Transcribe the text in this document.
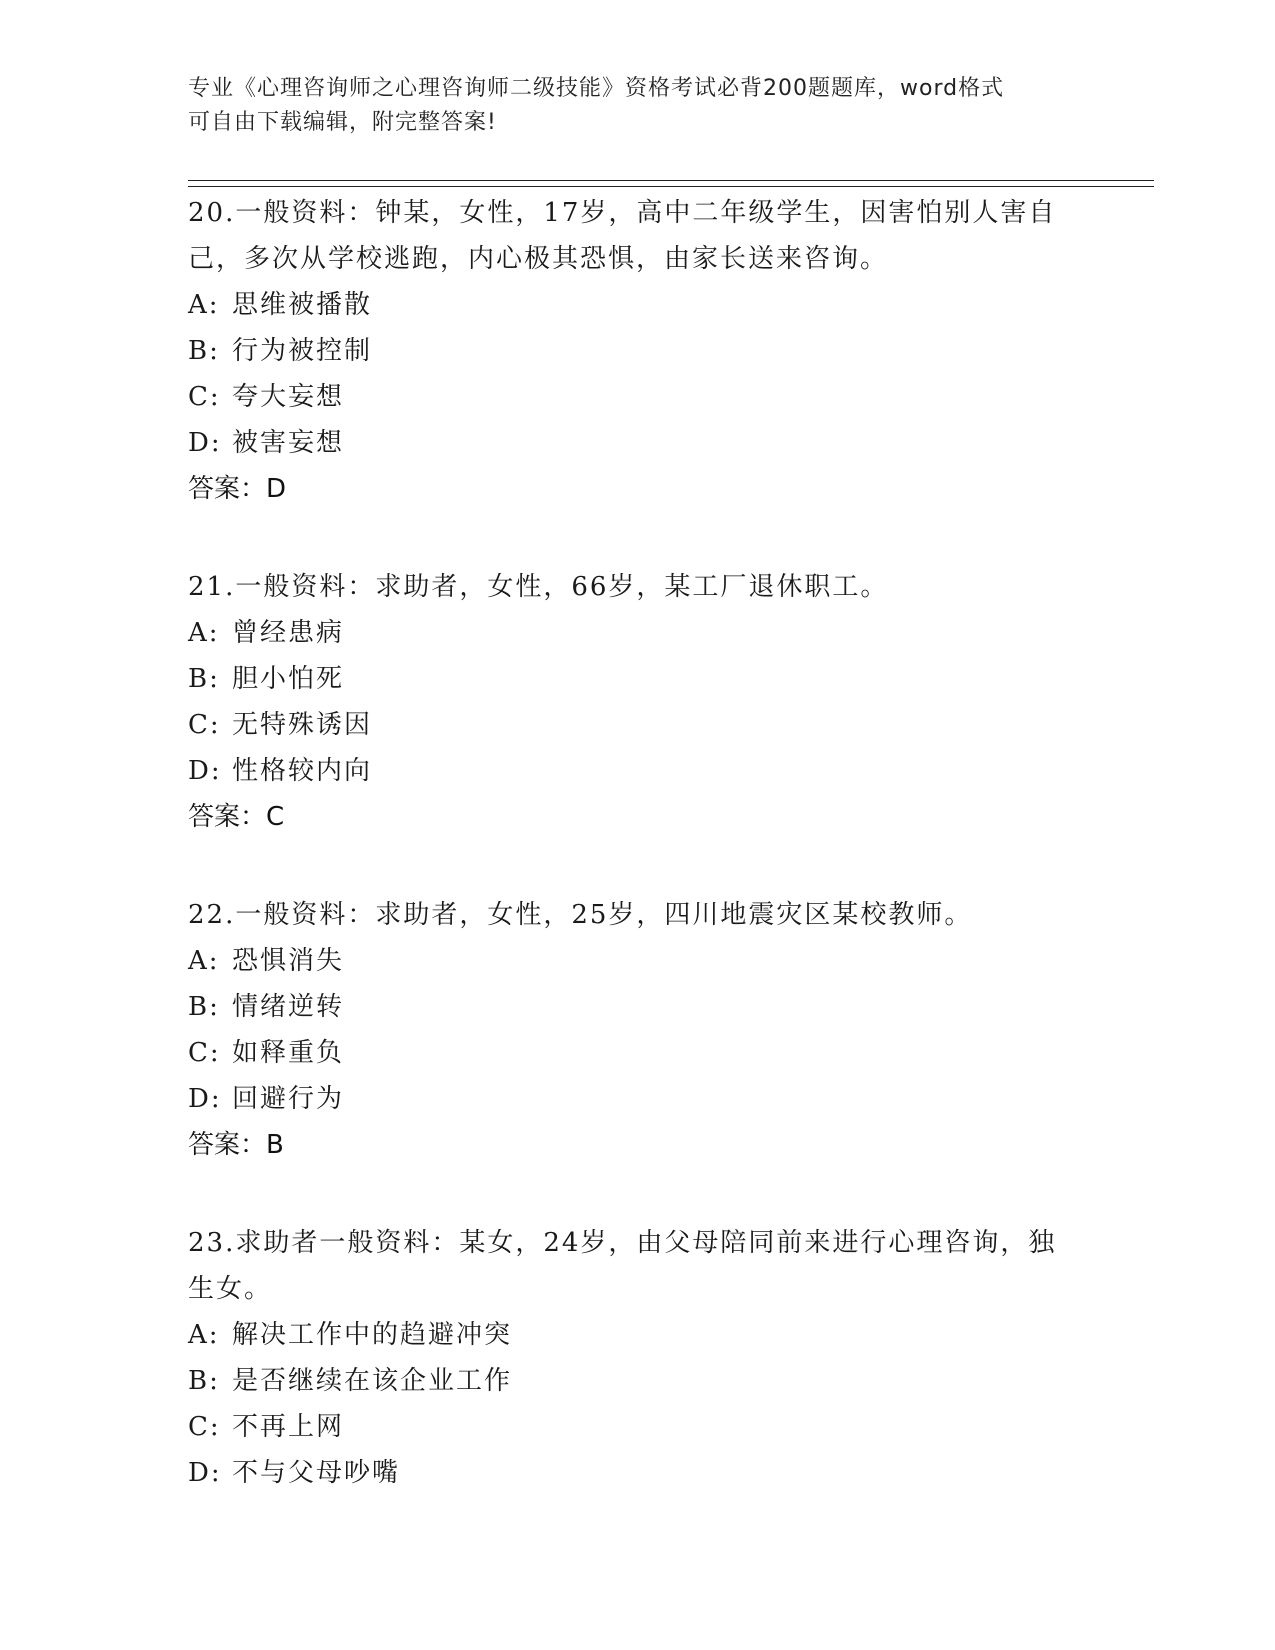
专业《心理咨询师之心理咨询师二级技能》资格考试必背200题题库，word格式
可自由下载编辑，附完整答案!
20.一般资料：钟某，女性，17岁，高中二年级学生，因害怕别人害自
己，多次从学校逃跑，内心极其恐惧，由家长送来咨询。
A: 思维被播散
B: 行为被控制
C: 夸大妄想
D: 被害妄想
答案：D
21.一般资料：求助者，女性，66岁，某工厂退休职工。
A: 曾经患病
B: 胆小怕死
C: 无特殊诱因
D: 性格较内向
答案：C
22.一般资料：求助者，女性，25岁，四川地震灾区某校教师。
A: 恐惧消失
B: 情绪逆转
C: 如释重负
D: 回避行为
答案：B
23.求助者一般资料：某女，24岁，由父母陪同前来进行心理咨询，独
生女。
A: 解决工作中的趋避冲突
B: 是否继续在该企业工作
C: 不再上网
D: 不与父母吵嘴
